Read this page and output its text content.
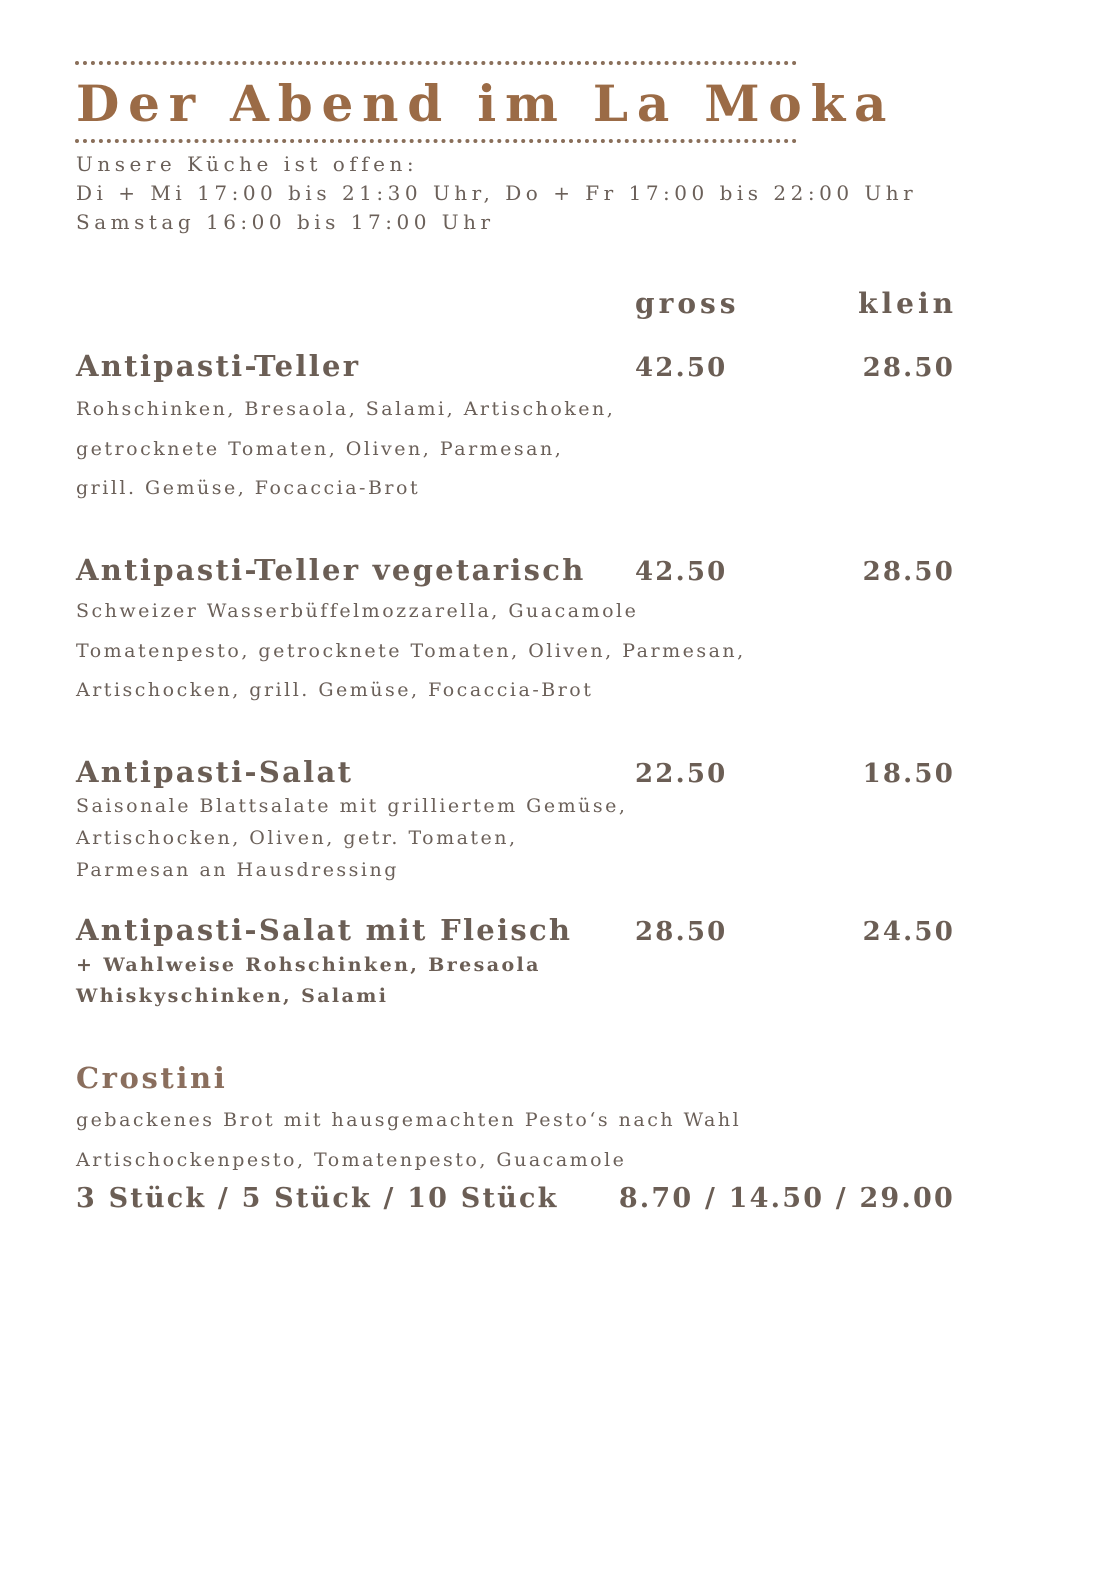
Der Abend im La Moka
Unsere Küche ist offen:
Di + Mi 17:00 bis 21:30 Uhr, Do + Fr 17:00 bis 22:00 Uhr
Samstag 16:00 bis 17:00 Uhr
gross	klein
Antipasti-Teller	42.50	28.50
Rohschinken, Bresaola, Salami, Artischoken,
getrocknete Tomaten, Oliven, Parmesan,
grill. Gemüse, Focaccia-Brot
Antipasti-Teller vegetarisch 42.50	28.50
Schweizer Wasserbüffelmozzarella, Guacamole
Tomatenpesto, getrocknete Tomaten, Oliven, Parmesan,
Artischocken, grill. Gemüse, Focaccia-Brot
Antipasti-Salat	22.50	18.50
Saisonale Blattsalate mit grilliertem Gemüse,
Artischocken, Oliven, getr. Tomaten,
Parmesan an Hausdressing
Antipasti-Salat mit Fleisch 28.50	24.50
+ Wahlweise Rohschinken, Bresaola
Whiskyschinken, Salami
Crostini
gebackenes Brot mit hausgemachten Pesto‘s nach Wahl
Artischockenpesto, Tomatenpesto, Guacamole
3 Stück / 5 Stück / 10 Stück 8.70 / 14.50 / 29.00
